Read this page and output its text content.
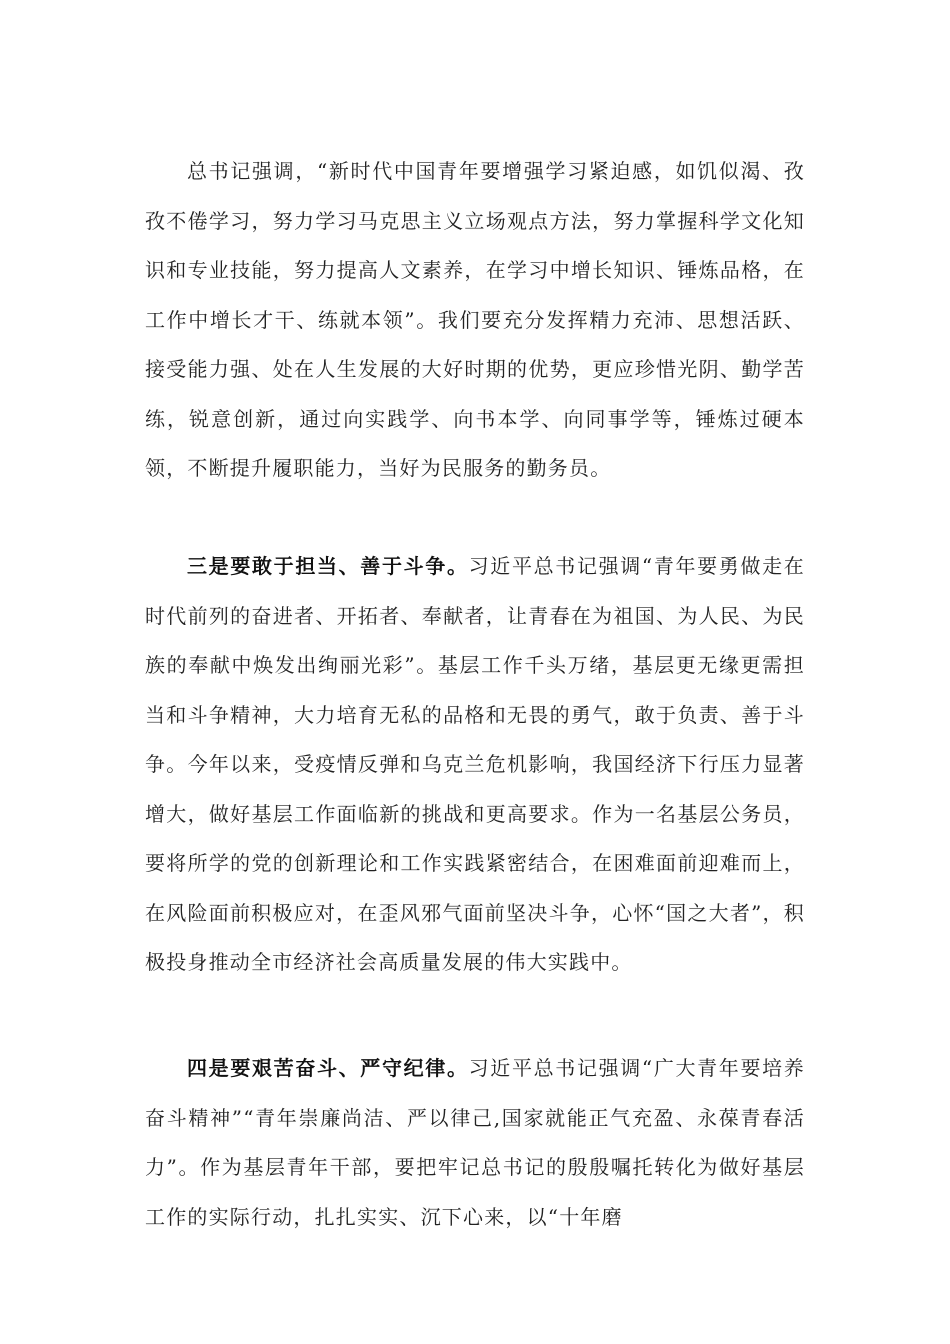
总书记强调，“新时代中国青年要增强学习紧迫感，如饥似渴、孜孜不倦学习，努力学习马克思主义立场观点方法，努力掌握科学文化知识和专业技能，努力提高人文素养，在学习中增长知识、锤炼品格，在工作中增长才干、练就本领”。我们要充分发挥精力充沛、思想活跃、接受能力强、处在人生发展的大好时期的优势，更应珍惜光阴、勤学苦练，锐意创新，通过向实践学、向书本学、向同事学等，锤炼过硬本领，不断提升履职能力，当好为民服务的勤务员。

三是要敢于担当、善于斗争。习近平总书记强调“青年要勇做走在时代前列的奋进者、开拓者、奉献者，让青春在为祖国、为人民、为民族的奉献中焕发出绚丽光彩”。基层工作千头万绪，基层更无缘更需担当和斗争精神，大力培育无私的品格和无畏的勇气，敢于负责、善于斗争。今年以来，受疫情反弹和乌克兰危机影响，我国经济下行压力显著增大，做好基层工作面临新的挑战和更高要求。作为一名基层公务员，要将所学的党的创新理论和工作实践紧密结合，在困难面前迎难而上，在风险面前积极应对，在歪风邪气面前坚决斗争，心怀“国之大者”，积极投身推动全市经济社会高质量发展的伟大实践中。

四是要艰苦奋斗、严守纪律。习近平总书记强调“广大青年要培养奋斗精神”“青年崇廉尚洁、严以律己,国家就能正气充盈、永葆青春活力”。作为基层青年干部，要把牢记总书记的殷殷嘱托转化为做好基层工作的实际行动，扎扎实实、沉下心来，以“十年磨
